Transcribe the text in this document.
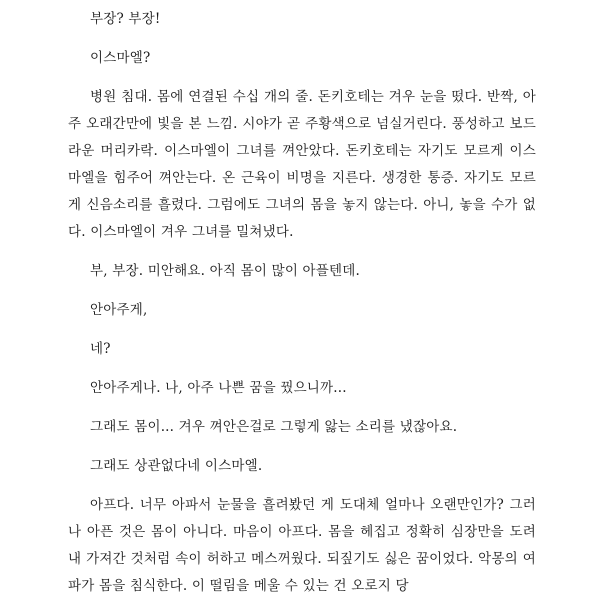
부장? 부장!

이스마엘?

병원 침대. 몸에 연결된 수십 개의 줄. 돈키호테는 겨우 눈을 떴다. 반짝, 아주 오래간만에 빛을 본 느낌. 시야가 곧 주황색으로 넘실거린다. 풍성하고 보드라운 머리카락. 이스마엘이 그녀를 껴안았다. 돈키호테는 자기도 모르게 이스마엘을 힘주어 껴안는다. 온 근육이 비명을 지른다. 생경한 통증. 자기도 모르게 신음소리를 흘렸다. 그럼에도 그녀의 몸을 놓지 않는다. 아니, 놓을 수가 없다. 이스마엘이 겨우 그녀를 밀쳐냈다.

부, 부장. 미안해요. 아직 몸이 많이 아플텐데.

안아주게,

네?

안아주게나. 나, 아주 나쁜 꿈을 꿨으니까...

그래도 몸이... 겨우 껴안은걸로 그렇게 앓는 소리를 냈잖아요.

그래도 상관없다네 이스마엘.

아프다. 너무 아파서 눈물을 흘려봤던 게 도대체 얼마나 오랜만인가? 그러나 아픈 것은 몸이 아니다. 마음이 아프다. 몸을 헤집고 정확히 심장만을 도려내 가져간 것처럼 속이 허하고 메스꺼웠다. 되짚기도 싫은 꿈이었다. 악몽의 여파가 몸을 침식한다. 이 떨림을 메울 수 있는 건 오로지 당
